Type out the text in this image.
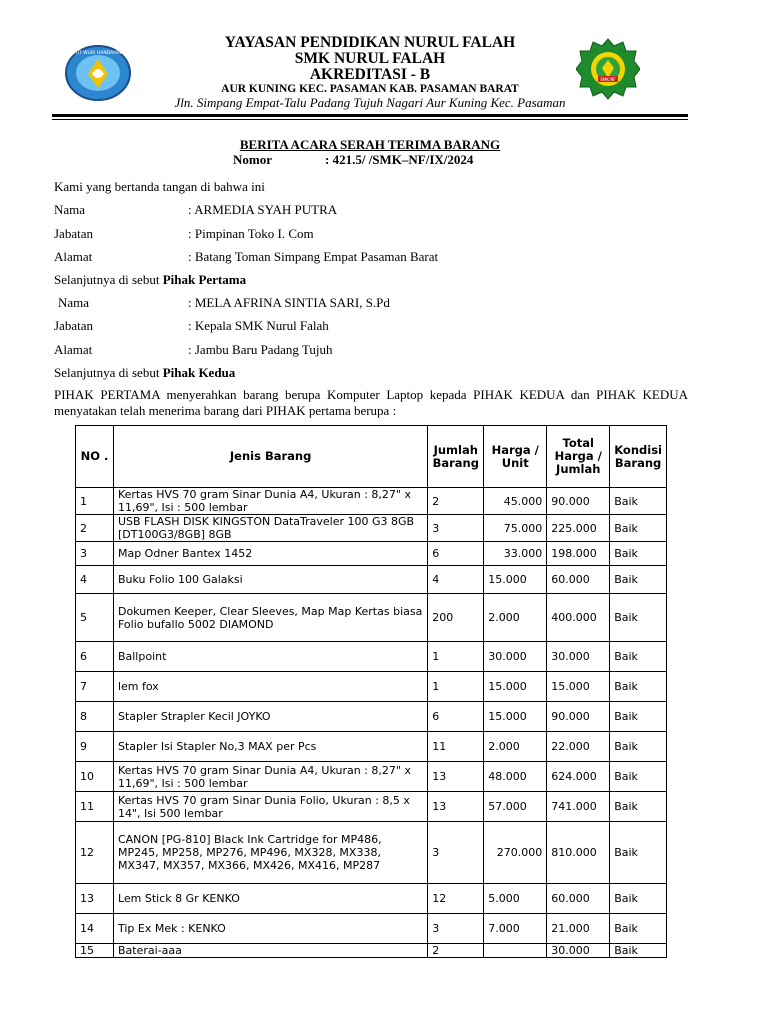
TUT WURI HANDAYANI
SMK NF
YAYASAN PENDIDIKAN NURUL FALAH
SMK NURUL FALAH
AKREDITASI - B
AUR KUNING KEC. PASAMAN KAB. PASAMAN BARAT
Jln. Simpang Empat-Talu Padang Tujuh Nagari Aur Kuning Kec. Pasaman
BERITA ACARA SERAH TERIMA BARANG
Nomor	: 421.5/ /SMK–NF/IX/2024
Kami yang bertanda tangan di bahwa ini
Nama	: ARMEDIA SYAH PUTRA
Jabatan	: Pimpinan Toko I. Com
Alamat	: Batang Toman Simpang Empat Pasaman Barat
Selanjutnya di sebut Pihak Pertama
Nama	: MELA AFRINA SINTIA SARI, S.Pd
Jabatan	: Kepala SMK Nurul Falah
Alamat	: Jambu Baru Padang Tujuh
Selanjutnya di sebut Pihak Kedua
PIHAK PERTAMA menyerahkan barang berupa Komputer Laptop kepada PIHAK KEDUA dan PIHAK KEDUA menyatakan telah menerima barang dari PIHAK pertama berupa :
NO .	Jenis Barang	Jumlah Barang	Harga / Unit	Total Harga / Jumlah	Kondisi Barang
1	Kertas HVS 70 gram Sinar Dunia A4, Ukuran : 8,27" x 11,69", Isi : 500 lembar	2	45.000	90.000	Baik
2	USB FLASH DISK KINGSTON DataTraveler 100 G3 8GB [DT100G3/8GB] 8GB	3	75.000	225.000	Baik
3	Map Odner Bantex 1452	6	33.000	198.000	Baik
4	Buku Folio 100 Galaksi	4	15.000	60.000	Baik
5	Dokumen Keeper, Clear Sleeves, Map Map Kertas biasa Folio bufallo 5002 DIAMOND	200	2.000	400.000	Baik
6	Ballpoint	1	30.000	30.000	Baik
7	lem fox	1	15.000	15.000	Baik
8	Stapler Strapler Kecil JOYKO	6	15.000	90.000	Baik
9	Stapler Isi Stapler No,3 MAX per Pcs	11	2.000	22.000	Baik
10	Kertas HVS 70 gram Sinar Dunia A4, Ukuran : 8,27" x 11,69", Isi : 500 lembar	13	48.000	624.000	Baik
11	Kertas HVS 70 gram Sinar Dunia Folio, Ukuran : 8,5 x 14", Isi 500 lembar	13	57.000	741.000	Baik
12	CANON [PG-810] Black Ink Cartridge for MP486, MP245, MP258, MP276, MP496, MX328, MX338, MX347, MX357, MX366, MX426, MX416, MP287	3	270.000	810.000	Baik
13	Lem Stick 8 Gr KENKO	12	5.000	60.000	Baik
14	Tip Ex Mek : KENKO	3	7.000	21.000	Baik
15	Baterai-aaa	2		30.000	Baik
